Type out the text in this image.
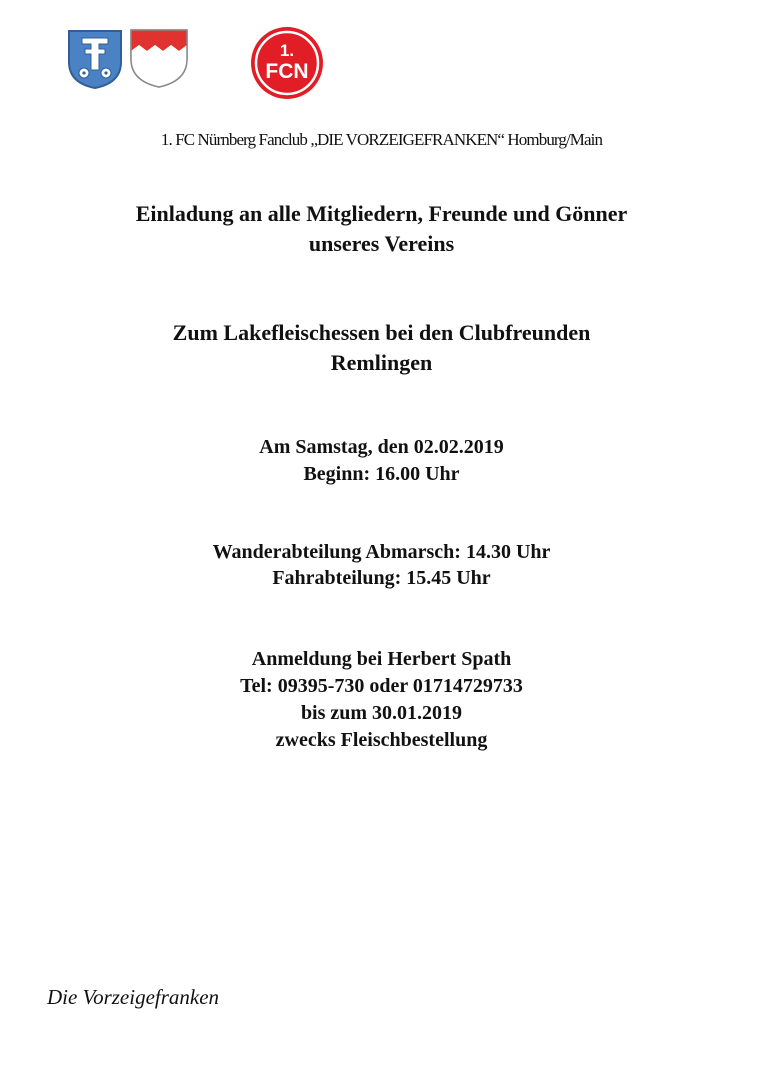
1.
FCN
1. FC Nürnberg Fanclub „DIE VORZEIGEFRANKEN“ Homburg/Main
Einladung an alle Mitgliedern, Freunde und Gönner
unseres Vereins
Zum Lakefleischessen bei den Clubfreunden
Remlingen
Am Samstag, den 02.02.2019
Beginn: 16.00 Uhr
Wanderabteilung Abmarsch: 14.30 Uhr
Fahrabteilung: 15.45 Uhr
Anmeldung bei Herbert Spath
Tel: 09395-730 oder 01714729733
bis zum 30.01.2019
zwecks Fleischbestellung
Die Vorzeigefranken
